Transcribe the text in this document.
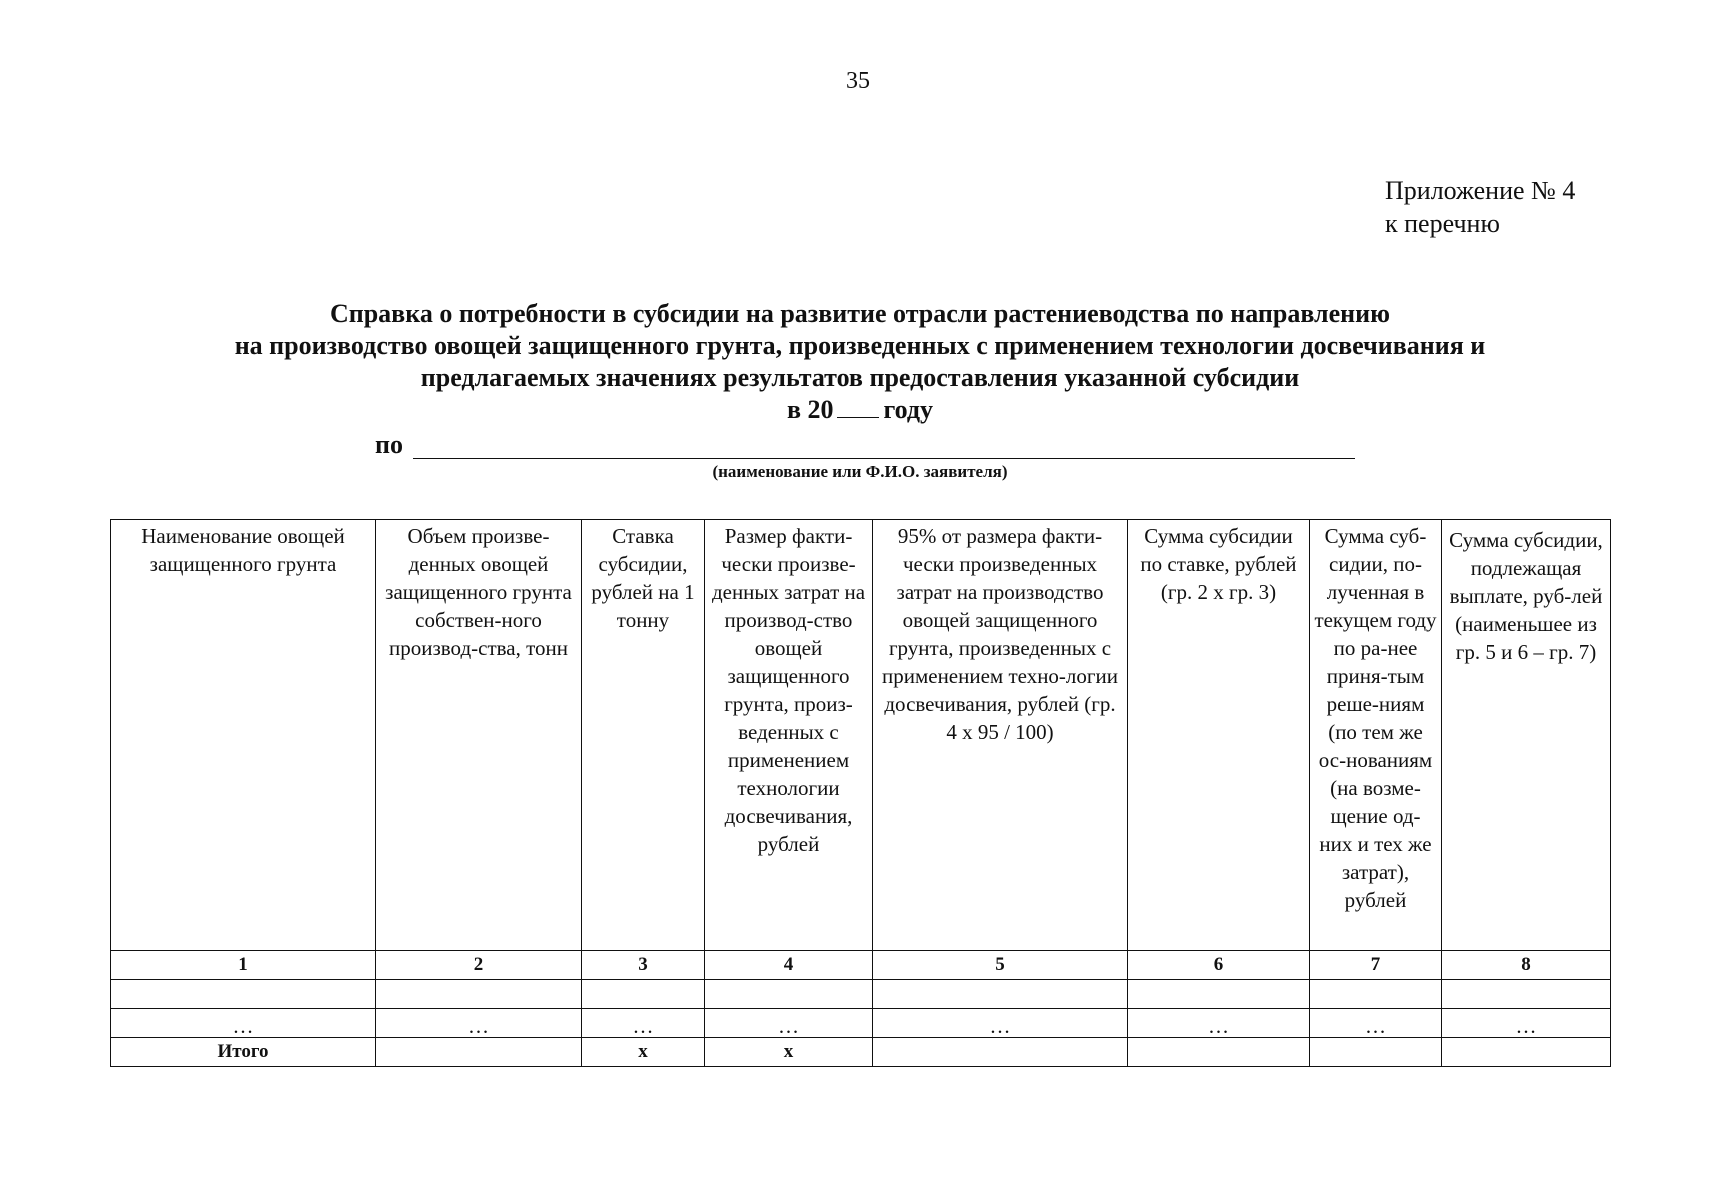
35
Приложение № 4
к перечню
Справка о потребности в субсидии на развитие отрасли растениеводства по направлению
на производство овощей защищенного грунта, произведенных с применением технологии досвечивания и
предлагаемых значениях результатов предоставления указанной субсидии
в 20 году
по
(наименование или Ф.И.О. заявителя)
Наименование овощей защищенного грунта	Объем произве-денных овощей защищенного грунта собствен-ного производ-ства, тонн	Ставка субсидии, рублей на 1 тонну	Размер факти-чески произве-денных затрат на производ-ство овощей защищенного грунта, произ-веденных с применением технологии досвечивания, рублей	95% от размера факти-чески произведенных затрат на производство овощей защищенного грунта, произведенных с применением техно-логии досвечивания, рублей (гр. 4 х 95 / 100)	Сумма субсидии по ставке, рублей (гр. 2 х гр. 3)	Сумма суб-сидии, по-лученная в текущем году по ра-нее приня-тым реше-ниям (по тем же ос-нованиям (на возме-щение од-них и тех же затрат), рублей	Сумма субсидии, подлежащая выплате, руб-лей (наименьшее из гр. 5 и 6 – гр. 7)
1	2	3	4	5	6	7	8

…	…	…	…	…	…	…	…
Итого		х	х				
